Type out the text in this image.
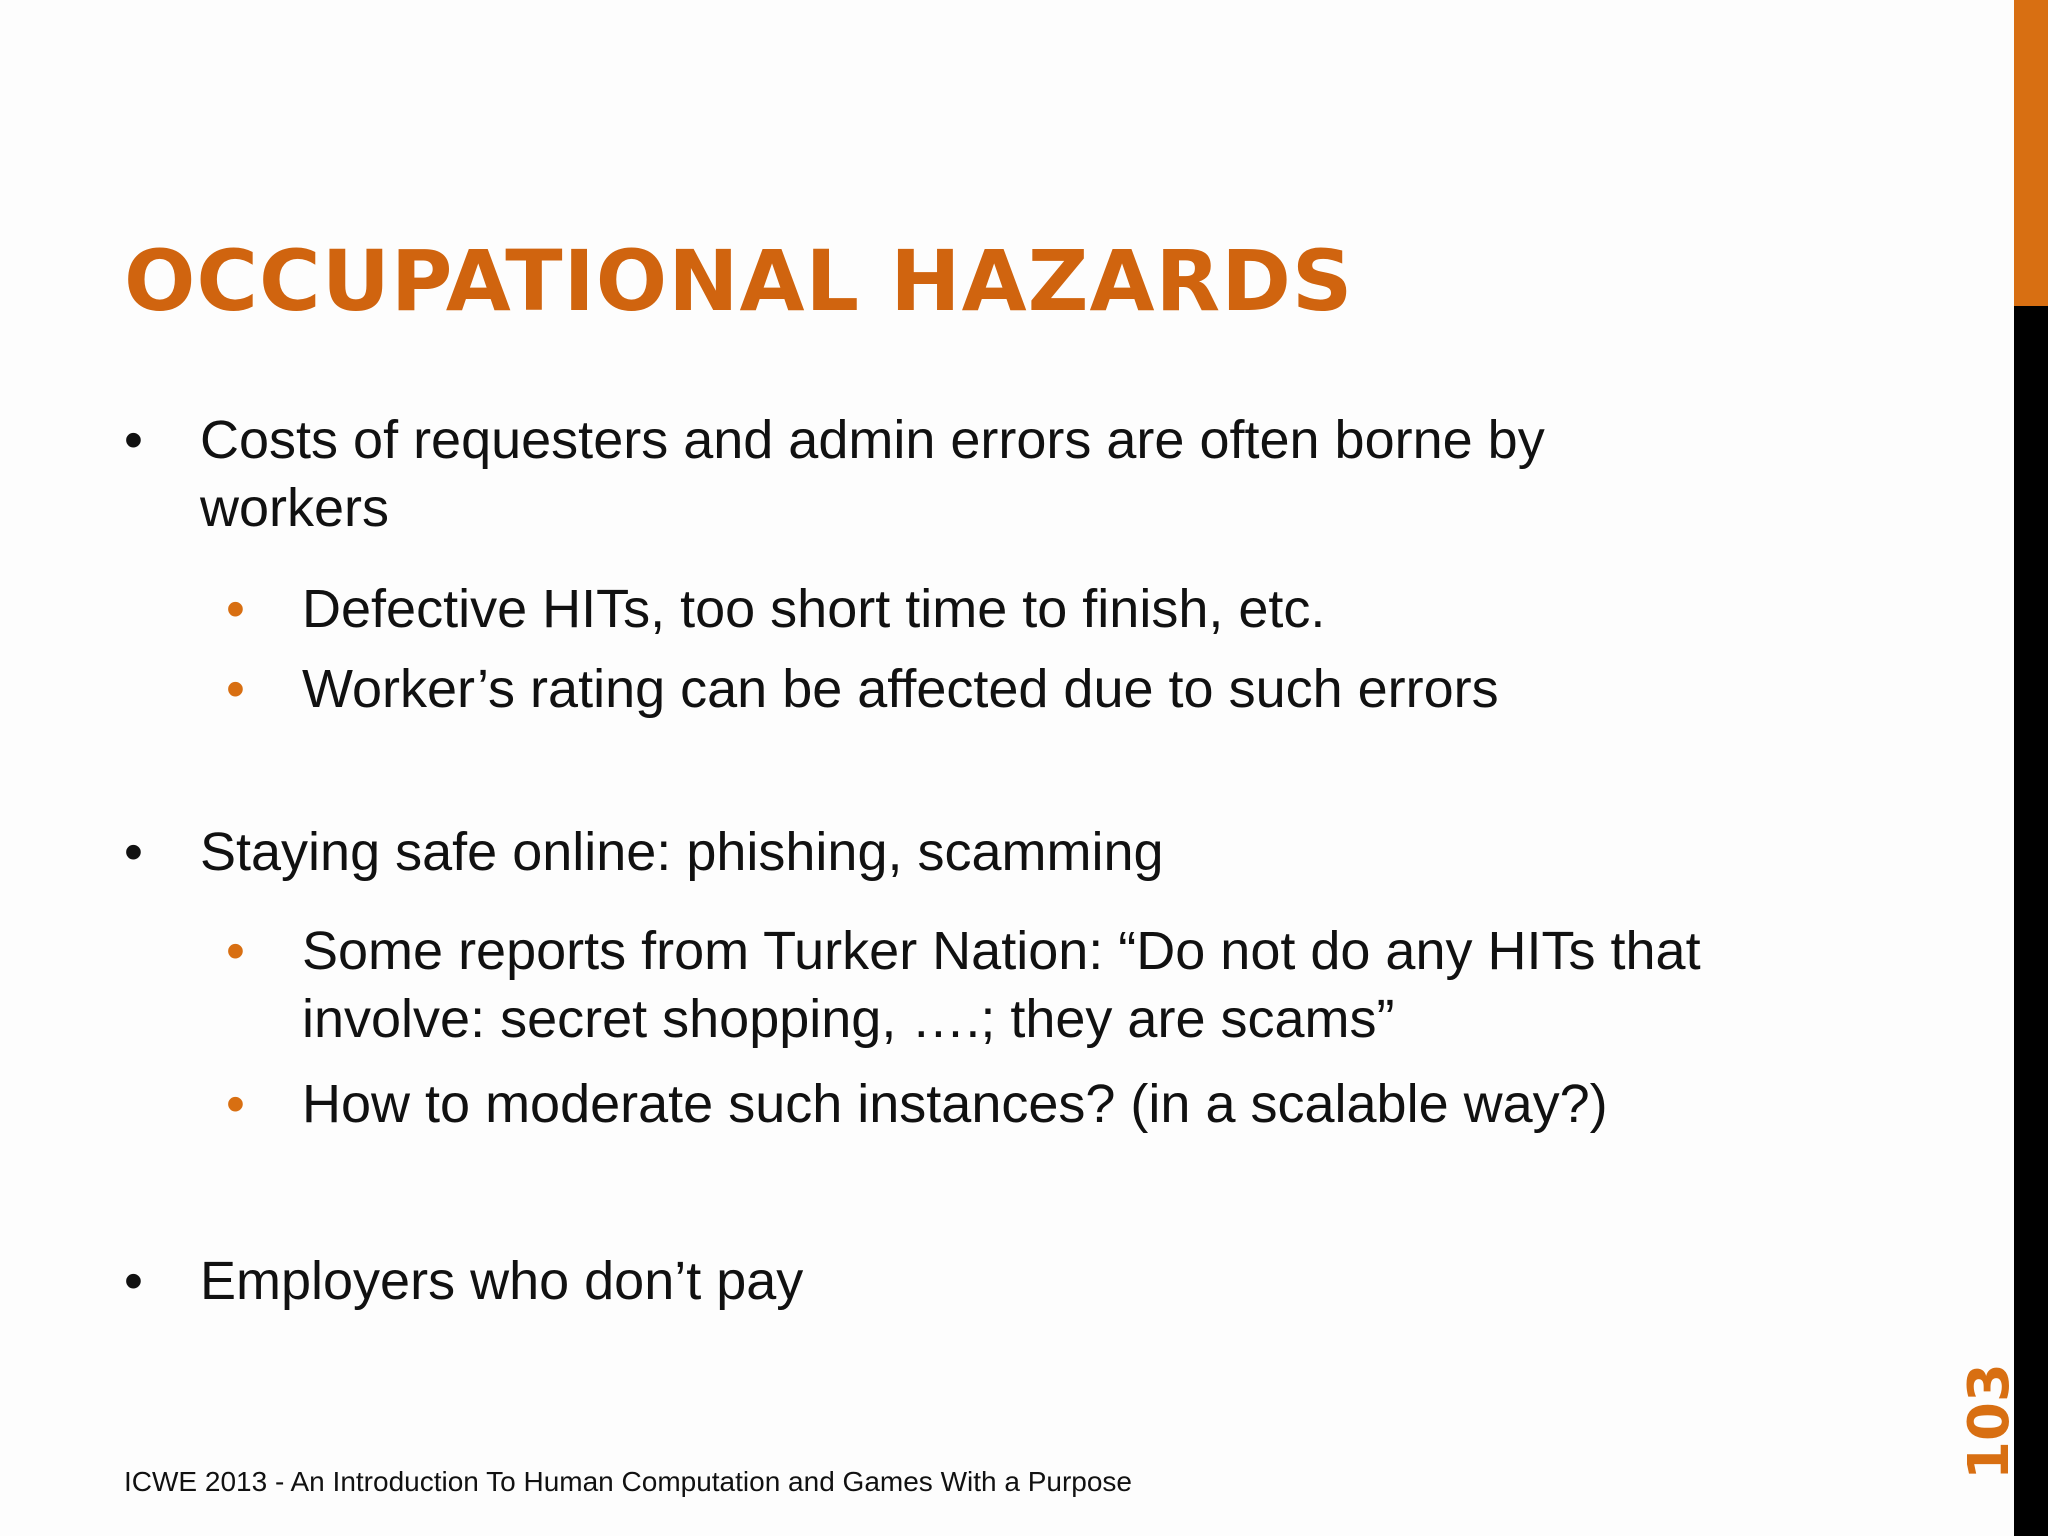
OCCUPATIONAL HAZARDS
• Costs of requesters and admin errors are often borne by
workers
• Defective HITs, too short time to finish, etc.
• Worker’s rating can be affected due to such errors
• Staying safe online: phishing, scamming
• Some reports from Turker Nation: “Do not do any HITs that
involve: secret shopping, ….; they are scams”
• How to moderate such instances? (in a scalable way?)
• Employers who don’t pay
ICWE 2013 - An Introduction To Human Computation and Games With a Purpose
103
